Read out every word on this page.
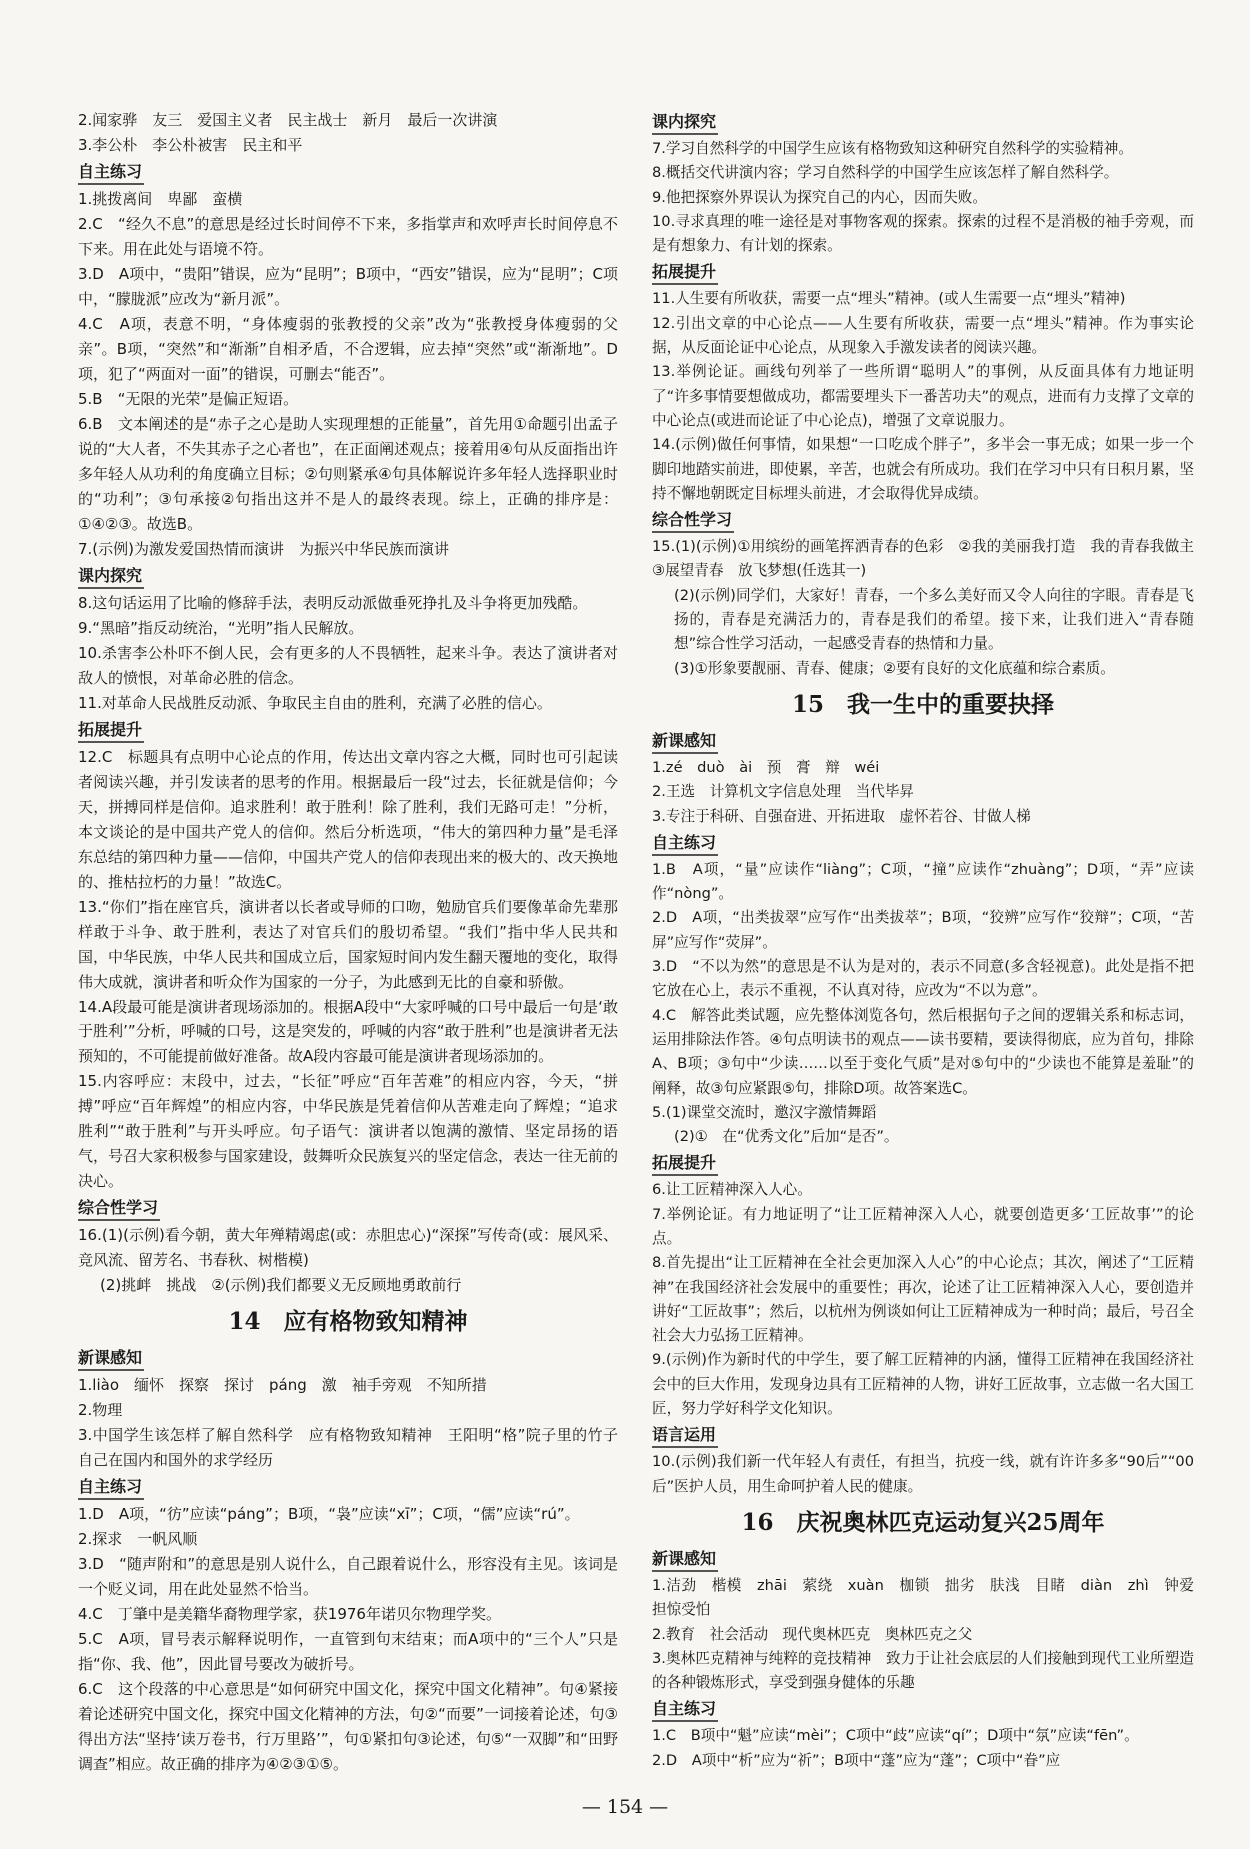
2.闻家骅　友三　爱国主义者　民主战士　新月　最后一次讲演

3.李公朴　李公朴被害　民主和平

自主练习

1.挑拨离间　卑鄙　蛮横

2.C　“经久不息”的意思是经过长时间停不下来，多指掌声和欢呼声长时间停息不下来。用在此处与语境不符。

3.D　A项中，“贵阳”错误，应为“昆明”；B项中，“西安”错误，应为“昆明”；C项中，“朦胧派”应改为“新月派”。

4.C　A项，表意不明，“身体瘦弱的张教授的父亲”改为“张教授身体瘦弱的父亲”。B项，“突然”和“渐渐”自相矛盾，不合逻辑，应去掉“突然”或“渐渐地”。D项，犯了“两面对一面”的错误，可删去“能否”。

5.B　“无限的光荣”是偏正短语。

6.B　文本阐述的是“赤子之心是助人实现理想的正能量”，首先用①命题引出孟子说的“大人者，不失其赤子之心者也”，在正面阐述观点；接着用④句从反面指出许多年轻人从功利的角度确立目标；②句则紧承④句具体解说许多年轻人选择职业时的“功利”；③句承接②句指出这并不是人的最终表现。综上，正确的排序是：①④②③。故选B。

7.(示例)为激发爱国热情而演讲　为振兴中华民族而演讲

课内探究

8.这句话运用了比喻的修辞手法，表明反动派做垂死挣扎及斗争将更加残酷。

9.“黑暗”指反动统治，“光明”指人民解放。

10.杀害李公朴吓不倒人民，会有更多的人不畏牺牲，起来斗争。表达了演讲者对敌人的愤恨，对革命必胜的信念。

11.对革命人民战胜反动派、争取民主自由的胜利，充满了必胜的信心。

拓展提升

12.C　标题具有点明中心论点的作用，传达出文章内容之大概，同时也可引起读者阅读兴趣，并引发读者的思考的作用。根据最后一段“过去，长征就是信仰；今天，拼搏同样是信仰。追求胜利！敢于胜利！除了胜利，我们无路可走！”分析，本文谈论的是中国共产党人的信仰。然后分析选项，“伟大的第四种力量”是毛泽东总结的第四种力量——信仰，中国共产党人的信仰表现出来的极大的、改天换地的、推枯拉朽的力量！”故选C。

13.“你们”指在座官兵，演讲者以长者或导师的口吻，勉励官兵们要像革命先辈那样敢于斗争、敢于胜利，表达了对官兵们的殷切希望。“我们”指中华人民共和国，中华民族，中华人民共和国成立后，国家短时间内发生翻天覆地的变化，取得伟大成就，演讲者和听众作为国家的一分子，为此感到无比的自豪和骄傲。

14.A段最可能是演讲者现场添加的。根据A段中“大家呼喊的口号中最后一句是‘敢于胜利’”分析，呼喊的口号，这是突发的，呼喊的内容“敢于胜利”也是演讲者无法预知的，不可能提前做好准备。故A段内容最可能是演讲者现场添加的。

15.内容呼应：末段中，过去，“长征”呼应“百年苦难”的相应内容，今天，“拼搏”呼应“百年辉煌”的相应内容，中华民族是凭着信仰从苦难走向了辉煌；“追求胜利”“敢于胜利”与开头呼应。句子语气：演讲者以饱满的激情、坚定昂扬的语气，号召大家积极参与国家建设，鼓舞听众民族复兴的坚定信念，表达一往无前的决心。

综合性学习

16.(1)(示例)看今朝，黄大年殚精竭虑(或：赤胆忠心)“深探”写传奇(或：展风采、竞风流、留芳名、书春秋、树楷模)

(2)挑衅　挑战　②(示例)我们都要义无反顾地勇敢前行

14　应有格物致知精神
新课感知

1.liào　缅怀　探察　探讨　páng　激　袖手旁观　不知所措

2.物理

3.中国学生该怎样了解自然科学　应有格物致知精神　王阳明“格”院子里的竹子　自己在国内和国外的求学经历

自主练习

1.D　A项，“彷”应读“páng”；B项，“袅”应读“xī”；C项，“儒”应读“rú”。

2.探求　一帆风顺

3.D　“随声附和”的意思是别人说什么，自己跟着说什么，形容没有主见。该词是一个贬义词，用在此处显然不恰当。

4.C　丁肇中是美籍华裔物理学家，获1976年诺贝尔物理学奖。

5.C　A项，冒号表示解释说明作，一直管到句末结束；而A项中的“三个人”只是指“你、我、他”，因此冒号要改为破折号。

6.C　这个段落的中心意思是“如何研究中国文化，探究中国文化精神”。句④紧接着论述研究中国文化，探究中国文化精神的方法，句②“而要”一词接着论述，句③得出方法“坚持‘读万卷书，行万里路’”，句①紧扣句③论述，句⑤“一双脚”和“田野调查”相应。故正确的排序为④②③①⑤。

课内探究

7.学习自然科学的中国学生应该有格物致知这种研究自然科学的实验精神。

8.概括交代讲演内容；学习自然科学的中国学生应该怎样了解自然科学。

9.他把探察外界误认为探究自己的内心，因而失败。

10.寻求真理的唯一途径是对事物客观的探索。探索的过程不是消极的袖手旁观，而是有想象力、有计划的探索。

拓展提升

11.人生要有所收获，需要一点“埋头”精神。(或人生需要一点“埋头”精神)

12.引出文章的中心论点——人生要有所收获，需要一点“埋头”精神。作为事实论据，从反面论证中心论点，从现象入手激发读者的阅读兴趣。

13.举例论证。画线句列举了一些所谓“聪明人”的事例，从反面具体有力地证明了“许多事情要想做成功，都需要埋头下一番苦功夫”的观点，进而有力支撑了文章的中心论点(或进而论证了中心论点)，增强了文章说服力。

14.(示例)做任何事情，如果想“一口吃成个胖子”，多半会一事无成；如果一步一个脚印地踏实前进，即使累，辛苦，也就会有所成功。我们在学习中只有日积月累，坚持不懈地朝既定目标埋头前进，才会取得优异成绩。

综合性学习

15.(1)(示例)①用缤纷的画笔挥洒青春的色彩　②我的美丽我打造　我的青春我做主　③展望青春　放飞梦想(任选其一)

(2)(示例)同学们，大家好！青春，一个多么美好而又令人向往的字眼。青春是飞扬的，青春是充满活力的，青春是我们的希望。接下来，让我们进入“青春随想”综合性学习活动，一起感受青春的热情和力量。

(3)①形象要靓丽、青春、健康；②要有良好的文化底蕴和综合素质。

15　我一生中的重要抉择
新课感知

1.zé　duò　ài　预　膏　辩　wéi

2.王选　计算机文字信息处理　当代毕昇

3.专注于科研、自强奋进、开拓进取　虚怀若谷、甘做人梯

自主练习

1.B　A项，“量”应读作“liàng”；C项，“撞”应读作“zhuàng”；D项，“弄”应读作“nòng”。

2.D　A项，“出类拔翠”应写作“出类拔萃”；B项，“狡辨”应写作“狡辩”；C项，“苦屏”应写作“荧屏”。

3.D　“不以为然”的意思是不认为是对的，表示不同意(多含轻视意)。此处是指不把它放在心上，表示不重视，不认真对待，应改为“不以为意”。

4.C　解答此类试题，应先整体浏览各句，然后根据句子之间的逻辑关系和标志词，运用排除法作答。④句点明读书的观点——读书要精，要读得彻底，应为首句，排除A、B项；③句中“少读……以至于变化气质”是对⑤句中的“少读也不能算是羞耻”的阐释，故③句应紧跟⑤句，排除D项。故答案选C。

5.(1)课堂交流时，邀汉字激情舞蹈

(2)①　在“优秀文化”后加“是否”。

拓展提升

6.让工匠精神深入人心。

7.举例论证。有力地证明了“让工匠精神深入人心，就要创造更多‘工匠故事’”的论点。

8.首先提出“让工匠精神在全社会更加深入人心”的中心论点；其次，阐述了“工匠精神”在我国经济社会发展中的重要性；再次，论述了让工匠精神深入人心，要创造并讲好“工匠故事”；然后，以杭州为例谈如何让工匠精神成为一种时尚；最后，号召全社会大力弘扬工匠精神。

9.(示例)作为新时代的中学生，要了解工匠精神的内涵，懂得工匠精神在我国经济社会中的巨大作用，发现身边具有工匠精神的人物，讲好工匠故事，立志做一名大国工匠，努力学好科学文化知识。

语言运用

10.(示例)我们新一代年轻人有责任，有担当，抗疫一线，就有许许多多“90后”“00后”医护人员，用生命呵护着人民的健康。

16　庆祝奥林匹克运动复兴25周年
新课感知

1.洁劲　楷模　zhāi　萦绕　xuàn　枷锁　拙劣　肤浅　目睹　diàn　zhì　钟爱　担惊受怕

2.教育　社会活动　现代奥林匹克　奥林匹克之父

3.奥林匹克精神与纯粹的竞技精神　致力于让社会底层的人们接触到现代工业所塑造的各种锻炼形式，享受到强身健体的乐趣

自主练习

1.C　B项中“魁”应读“mèi”；C项中“歧”应读“qí”；D项中“氛”应读“fēn”。

2.D　A项中“析”应为“祈”；B项中“蓬”应为“蓬”；C项中“眷”应

— 154 —
